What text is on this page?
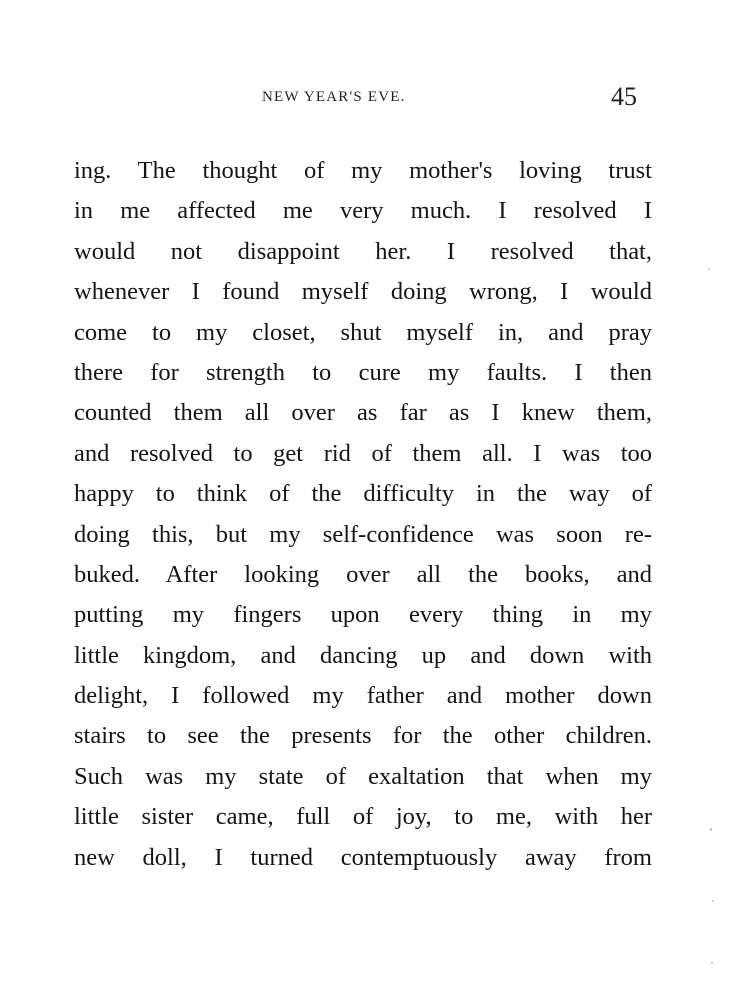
NEW YEAR'S EVE.	45
ing. The thought of my mother's loving trust
in me affected me very much. I resolved I
would not disappoint her. I resolved that,
whenever I found myself doing wrong, I would
come to my closet, shut myself in, and pray
there for strength to cure my faults. I then
counted them all over as far as I knew them,
and resolved to get rid of them all. I was too
happy to think of the difficulty in the way of
doing this, but my self-confidence was soon re-
buked. After looking over all the books, and
putting my fingers upon every thing in my
little kingdom, and dancing up and down with
delight, I followed my father and mother down
stairs to see the presents for the other children.
Such was my state of exaltation that when my
little sister came, full of joy, to me, with her
new doll, I turned contemptuously away from
